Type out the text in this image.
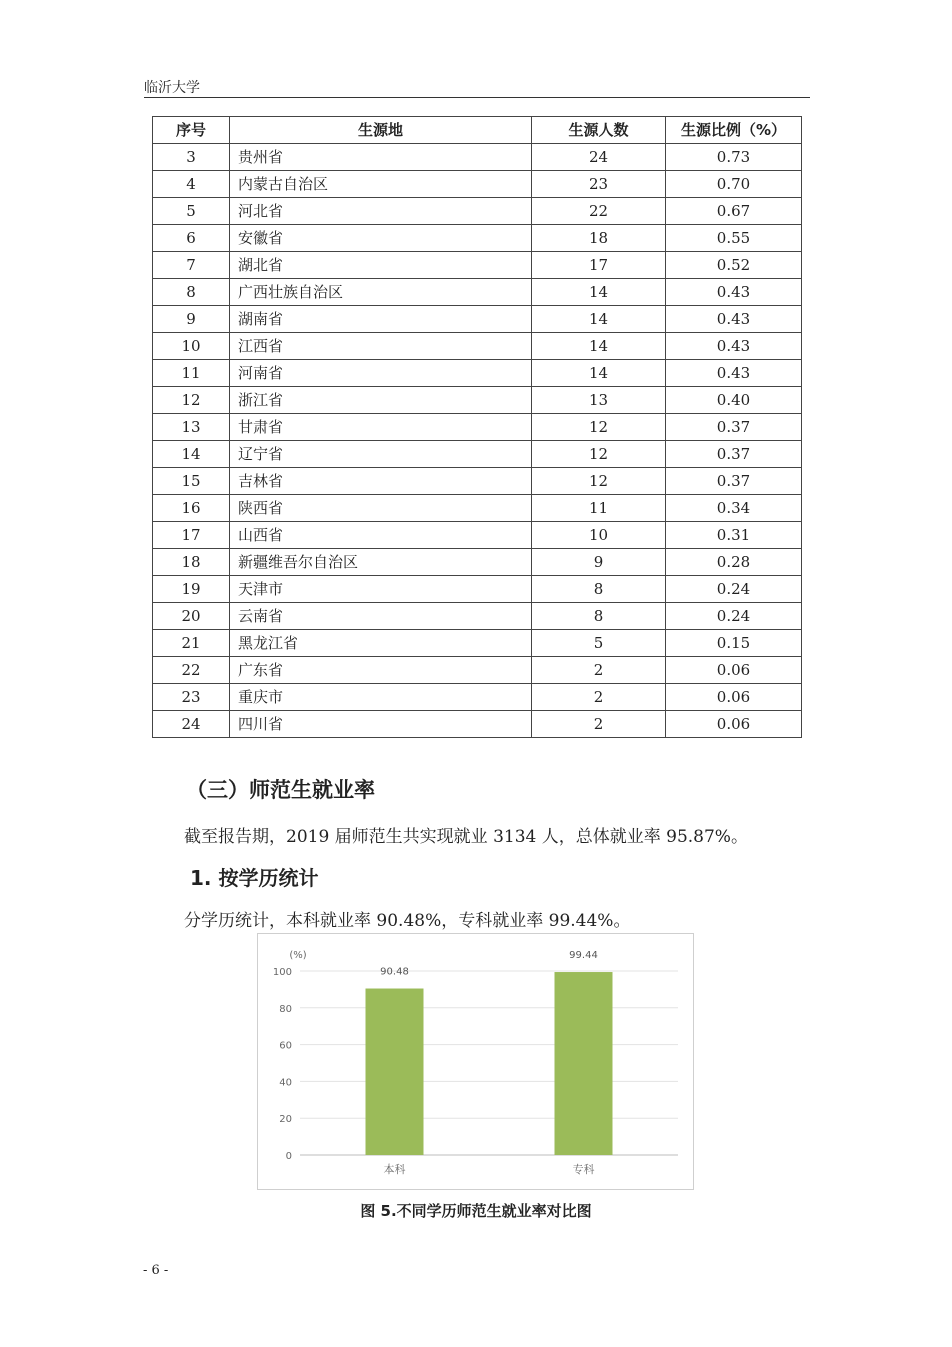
临沂大学
序号	生源地	生源人数	生源比例（%）
3	贵州省	24	0.73
4	内蒙古自治区	23	0.70
5	河北省	22	0.67
6	安徽省	18	0.55
7	湖北省	17	0.52
8	广西壮族自治区	14	0.43
9	湖南省	14	0.43
10	江西省	14	0.43
11	河南省	14	0.43
12	浙江省	13	0.40
13	甘肃省	12	0.37
14	辽宁省	12	0.37
15	吉林省	12	0.37
16	陕西省	11	0.34
17	山西省	10	0.31
18	新疆维吾尔自治区	9	0.28
19	天津市	8	0.24
20	云南省	8	0.24
21	黑龙江省	5	0.15
22	广东省	2	0.06
23	重庆市	2	0.06
24	四川省	2	0.06
（三）师范生就业率
截至报告期，2019 届师范生共实现就业 3134 人，总体就业率 95.87%。
1. 按学历统计
分学历统计，本科就业率 90.48%，专科就业率 99.44%。
0
20
40
60
80
100
(%)
90.48
本科
99.44
专科
图 5.不同学历师范生就业率对比图
- 6 -
